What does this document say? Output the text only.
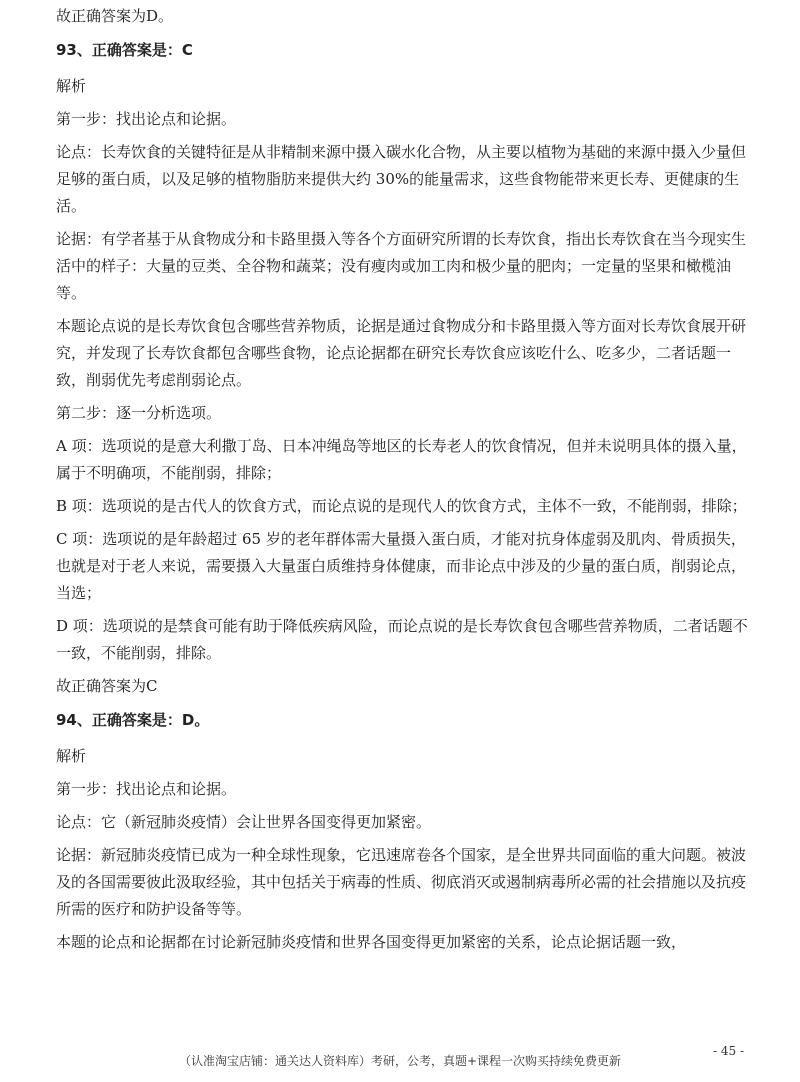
故正确答案为D。

93、正确答案是：C

解析

第一步：找出论点和论据。

论点：长寿饮食的关键特征是从非精制来源中摄入碳水化合物，从主要以植物为基础的来源中摄入少量但足够的蛋白质，以及足够的植物脂肪来提供大约 30%的能量需求，这些食物能带来更长寿、更健康的生活。

论据：有学者基于从食物成分和卡路里摄入等各个方面研究所谓的长寿饮食，指出长寿饮食在当今现实生活中的样子：大量的豆类、全谷物和蔬菜；没有瘦肉或加工肉和极少量的肥肉；一定量的坚果和橄榄油等。

本题论点说的是长寿饮食包含哪些营养物质，论据是通过食物成分和卡路里摄入等方面对长寿饮食展开研究，并发现了长寿饮食都包含哪些食物，论点论据都在研究长寿饮食应该吃什么、吃多少，二者话题一致，削弱优先考虑削弱论点。

第二步：逐一分析选项。

A 项：选项说的是意大利撒丁岛、日本冲绳岛等地区的长寿老人的饮食情况，但并未说明具体的摄入量，属于不明确项，不能削弱，排除；

B 项：选项说的是古代人的饮食方式，而论点说的是现代人的饮食方式，主体不一致，不能削弱，排除；

C 项：选项说的是年龄超过 65 岁的老年群体需大量摄入蛋白质，才能对抗身体虚弱及肌肉、骨质损失，也就是对于老人来说，需要摄入大量蛋白质维持身体健康，而非论点中涉及的少量的蛋白质，削弱论点，当选；

D 项：选项说的是禁食可能有助于降低疾病风险，而论点说的是长寿饮食包含哪些营养物质，二者话题不一致，不能削弱，排除。

故正确答案为C

94、正确答案是：D。

解析

第一步：找出论点和论据。

论点：它（新冠肺炎疫情）会让世界各国变得更加紧密。

论据：新冠肺炎疫情已成为一种全球性现象，它迅速席卷各个国家，是全世界共同面临的重大问题。被波及的各国需要彼此汲取经验，其中包括关于病毒的性质、彻底消灭或遏制病毒所必需的社会措施以及抗疫所需的医疗和防护设备等等。

本题的论点和论据都在讨论新冠肺炎疫情和世界各国变得更加紧密的关系，论点论据话题一致，

（认准淘宝店铺：通关达人资料库）考研，公考，真题+课程一次购买持续免费更新
- 45 -
